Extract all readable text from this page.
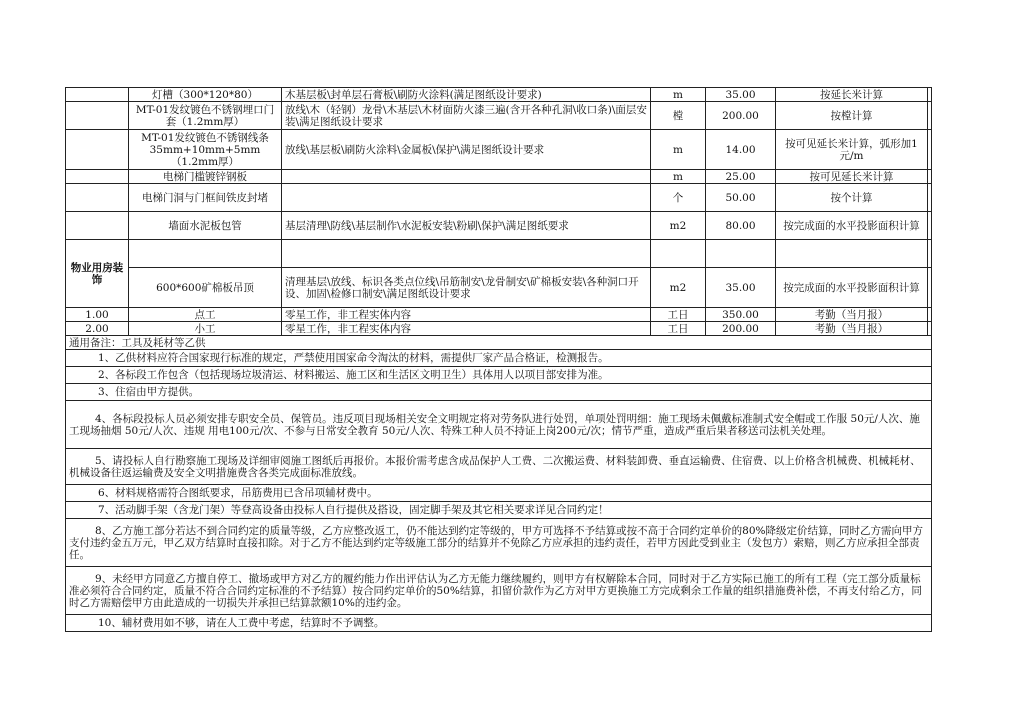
	灯槽（300*120*80）	木基层板\封单层石膏板\刷防火涂料(满足图纸设计要求)	m	35.00	按延长米计算	
	MT-01发纹镀色不锈钢埋口门套（1.2mm厚）	放线\木（轻钢）龙骨\木基层\木材面防火漆三遍(含开各种孔洞\收口条)\面层安装\满足图纸设计要求	樘	200.00	按樘计算	
	MT-01发纹镀色不锈钢线条35mm+10mm+5mm（1.2mm厚）	放线\基层板\刷防火涂料\金属板\保护\满足图纸设计要求	m	14.00	按可见延长米计算，弧形加1元/m	
	电梯门槛镀锌钢板		m	25.00	按可见延长米计算	
	电梯门洞与门框间铁皮封堵		个	50.00	按个计算	
	墙面水泥板包管	基层清理\防线\基层制作\水泥板安装\粉刷\保护\满足图纸要求	m2	80.00	按完成面的水平投影面积计算	
物业用房装饰						
	600*600矿棉板吊顶	清理基层\放线、标识各类点位线\吊筋制安\龙骨制安\矿棉板安装\各种洞口开设、加固\检修口制安\满足图纸设计要求	m2	35.00	按完成面的水平投影面积计算	
1.00	点工	零星工作，非工程实体内容	工日	350.00	考勤（当月报）	
2.00	小工	零星工作，非工程实体内容	工日	200.00	考勤（当月报）	
通用备注：工具及耗材等乙供						
1、乙供材料应符合国家现行标准的规定，严禁使用国家命令淘汰的材料，需提供厂家产品合格证，检测报告。						
2、各标段工作包含（包括现场垃圾清运、材料搬运、施工区和生活区文明卫生）具体用人以项目部安排为准。						
3、住宿由甲方提供。						
4、各标段投标人员必须安排专职安全员、保管员。违反项目现场相关安全文明规定将对劳务队进行处罚，单项处罚明细：施工现场未佩戴标准制式安全帽或工作服 50元/人次、施工现场抽烟 50元/人次、违规 用电100元/次、不参与日常安全教育 50元/人次、特殊工种人员不持证上岗200元/次；情节严重，造成严重后果者移送司法机关处理。						
5、请投标人自行勘察施工现场及详细审阅施工图纸后再报价。本报价需考虑含成品保护人工费、二次搬运费、材料装卸费、垂直运输费、住宿费、以上价格含机械费、机械耗材、机械设备往返运输费及安全文明措施费含各类完成面标准放线。						
6、材料规格需符合图纸要求，吊筋费用已含吊项辅材费中。						
7、活动脚手架（含龙门架）等登高设备由投标人自行提供及搭设，固定脚手架及其它相关要求详见合同约定！						
8、乙方施工部分若达不到合同约定的质量等级，乙方应整改返工，仍不能达到约定等级的，甲方可选择不予结算或按不高于合同约定单价的80%降级定价结算，同时乙方需向甲方支付违约金五万元，甲乙双方结算时直接扣除。对于乙方不能达到约定等级施工部分的结算并不免除乙方应承担的违约责任，若甲方因此受到业主（发包方）索赔，则乙方应承担全部责任。						
9、未经甲方同意乙方擅自停工、撤场或甲方对乙方的履约能力作出评估认为乙方无能力继续履约，则甲方有权解除本合同，同时对于乙方实际已施工的所有工程（完工部分质量标准必须符合合同约定，质量不符合合同约定标准的不予结算）按合同约定单价的50%结算，扣留价款作为乙方对甲方更换施工方完成剩余工作量的组织措施费补偿，不再支付给乙方，同时乙方需赔偿甲方由此造成的一切损失并承担已结算款额10%的违约金。						
10、辅材费用如不够，请在人工费中考虑，结算时不予调整。						
